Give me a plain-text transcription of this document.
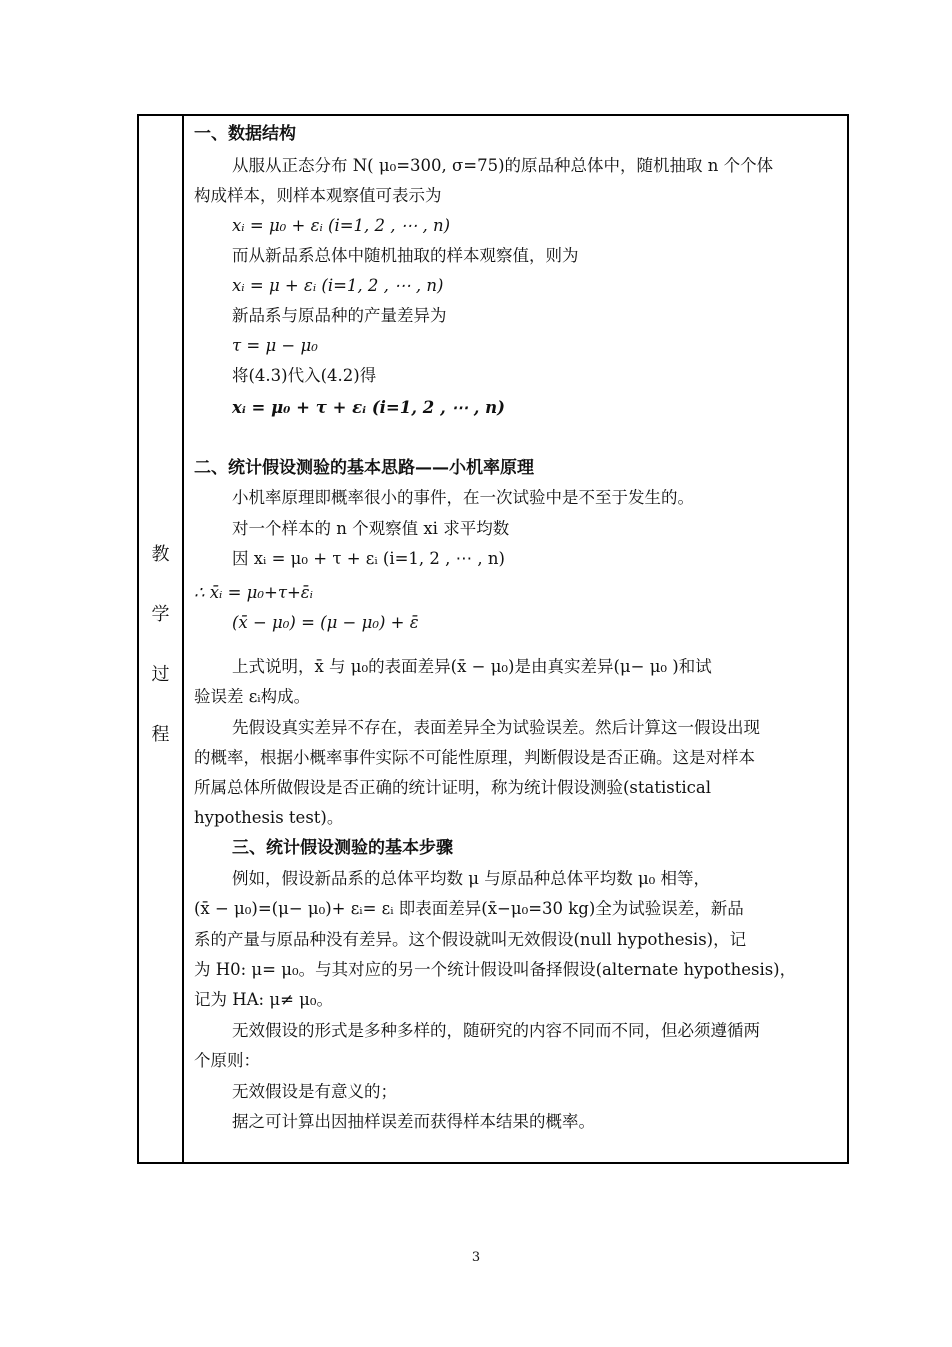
教
学
过
程
一、数据结构
从服从正态分布 N( μ₀=300, σ=75)的原品种总体中，随机抽取 n 个个体
构成样本，则样本观察值可表示为
xᵢ = μ₀ + εᵢ (i=1, 2 , ⋯ , n)
而从新品系总体中随机抽取的样本观察值，则为
xᵢ = μ + εᵢ (i=1, 2 , ⋯ , n)
新品系与原品种的产量差异为
τ = μ − μ₀
将(4.3)代入(4.2)得
xᵢ = μ₀ + τ + εᵢ (i=1, 2 , ⋯ , n)
二、统计假设测验的基本思路——小机率原理
小机率原理即概率很小的事件，在一次试验中是不至于发生的。
对一个样本的 n 个观察值 xi 求平均数
因 xᵢ = μ₀ + τ + εᵢ (i=1, 2 , ⋯ , n)
∴ x̄ᵢ = μ₀+τ+ε̄ᵢ
(x̄ − μ₀) = (μ − μ₀) + ε̄
上式说明，x̄ 与 μ₀的表面差异(x̄ − μ₀)是由真实差异(μ− μ₀ )和试
验误差 εᵢ构成。
先假设真实差异不存在，表面差异全为试验误差。然后计算这一假设出现
的概率，根据小概率事件实际不可能性原理，判断假设是否正确。这是对样本
所属总体所做假设是否正确的统计证明，称为统计假设测验(statistical
hypothesis test)。
三、统计假设测验的基本步骤
例如，假设新品系的总体平均数 μ 与原品种总体平均数 μ₀ 相等，
(x̄ − μ₀)=(μ− μ₀)+ εᵢ= εᵢ 即表面差异(x̄−μ₀=30 kg)全为试验误差，新品
系的产量与原品种没有差异。这个假设就叫无效假设(null hypothesis)，记
为 H0: μ= μ₀。与其对应的另一个统计假设叫备择假设(alternate hypothesis)，
记为 HA: μ≠ μ₀。
无效假设的形式是多种多样的，随研究的内容不同而不同，但必须遵循两
个原则：
无效假设是有意义的；
据之可计算出因抽样误差而获得样本结果的概率。
3
